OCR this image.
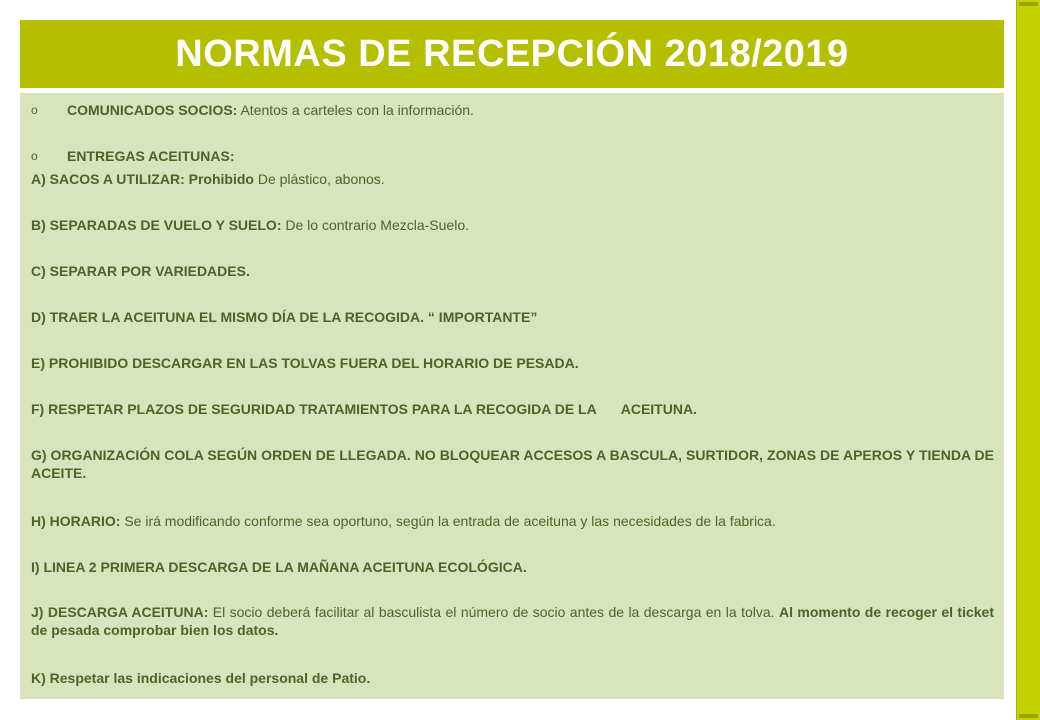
NORMAS DE RECEPCIÓN 2018/2019
o COMUNICADOS SOCIOS: Atentos a carteles con la información.
o ENTREGAS ACEITUNAS:
A) SACOS A UTILIZAR: Prohibido De plástico, abonos.
B) SEPARADAS DE VUELO Y SUELO: De lo contrario Mezcla-Suelo.
C) SEPARAR POR VARIEDADES.
D) TRAER LA ACEITUNA EL MISMO DÍA DE LA RECOGIDA. “ IMPORTANTE”
E) PROHIBIDO DESCARGAR EN LAS TOLVAS FUERA DEL HORARIO DE PESADA.
F) RESPETAR PLAZOS DE SEGURIDAD TRATAMIENTOS PARA LA RECOGIDA DE LA ACEITUNA.
G) ORGANIZACIÓN COLA SEGÚN ORDEN DE LLEGADA. NO BLOQUEAR ACCESOS A BASCULA, SURTIDOR, ZONAS DE APEROS Y TIENDA DE ACEITE.
H) HORARIO: Se irá modificando conforme sea oportuno, según la entrada de aceituna y las necesidades de la fabrica.
I) LINEA 2 PRIMERA DESCARGA DE LA MAÑANA ACEITUNA ECOLÓGICA.
J) DESCARGA ACEITUNA: El socio deberá facilitar al basculista el número de socio antes de la descarga en la tolva. Al momento de recoger el ticket de pesada comprobar bien los datos.
K) Respetar las indicaciones del personal de Patio.
